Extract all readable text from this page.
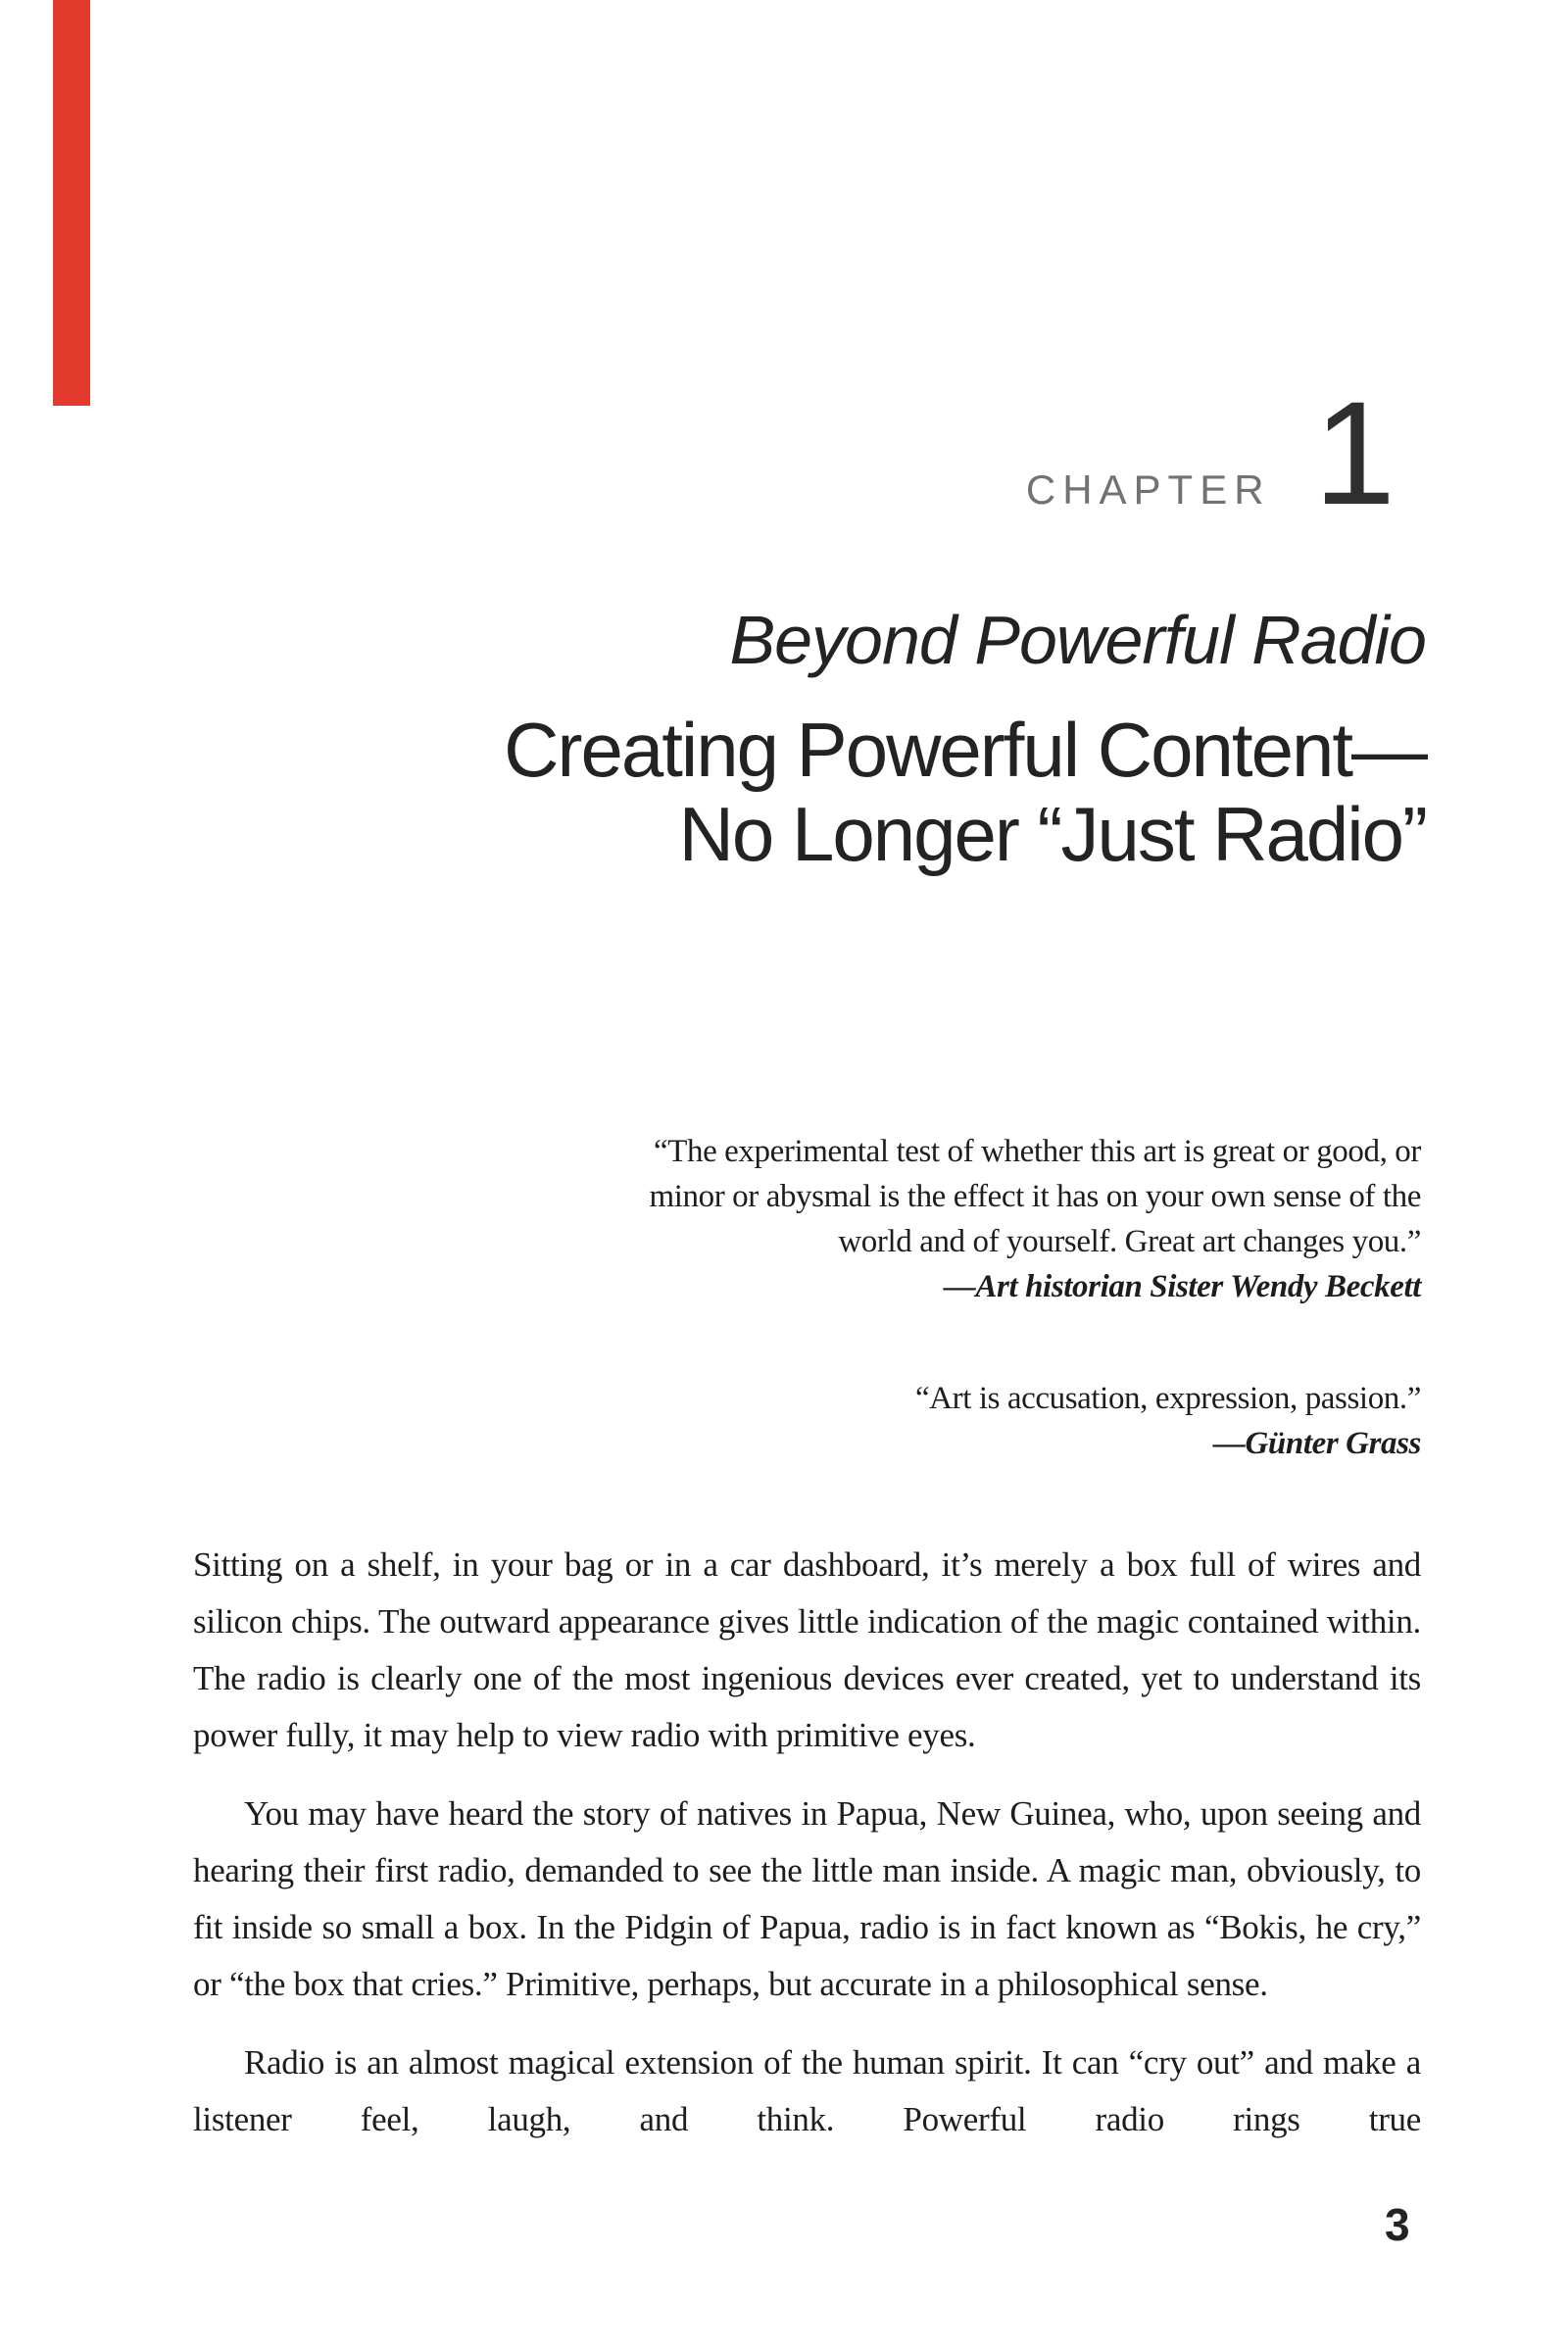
CHAPTER 1
Beyond Powerful Radio
Creating Powerful Content—
No Longer “Just Radio”
“The experimental test of whether this art is great or good, or
minor or abysmal is the effect it has on your own sense of the
world and of yourself. Great art changes you.”
—Art historian Sister Wendy Beckett
“Art is accusation, expression, passion.”
—Günter Grass

Sitting on a shelf, in your bag or in a car dashboard, it’s merely a box full of wires and silicon chips. The outward appearance gives little indication of the magic contained within. The radio is clearly one of the most ingenious devices ever created, yet to understand its power fully, it may help to view radio with primitive eyes.

You may have heard the story of natives in Papua, New Guinea, who, upon seeing and hearing their first radio, demanded to see the little man inside. A magic man, obviously, to fit inside so small a box. In the Pidgin of Papua, radio is in fact known as “Bokis, he cry,” or “the box that cries.” Primitive, perhaps, but accurate in a philosophical sense.

Radio is an almost magical extension of the human spirit. It can “cry out” and make a listener feel, laugh, and think. Powerful radio rings true

3
